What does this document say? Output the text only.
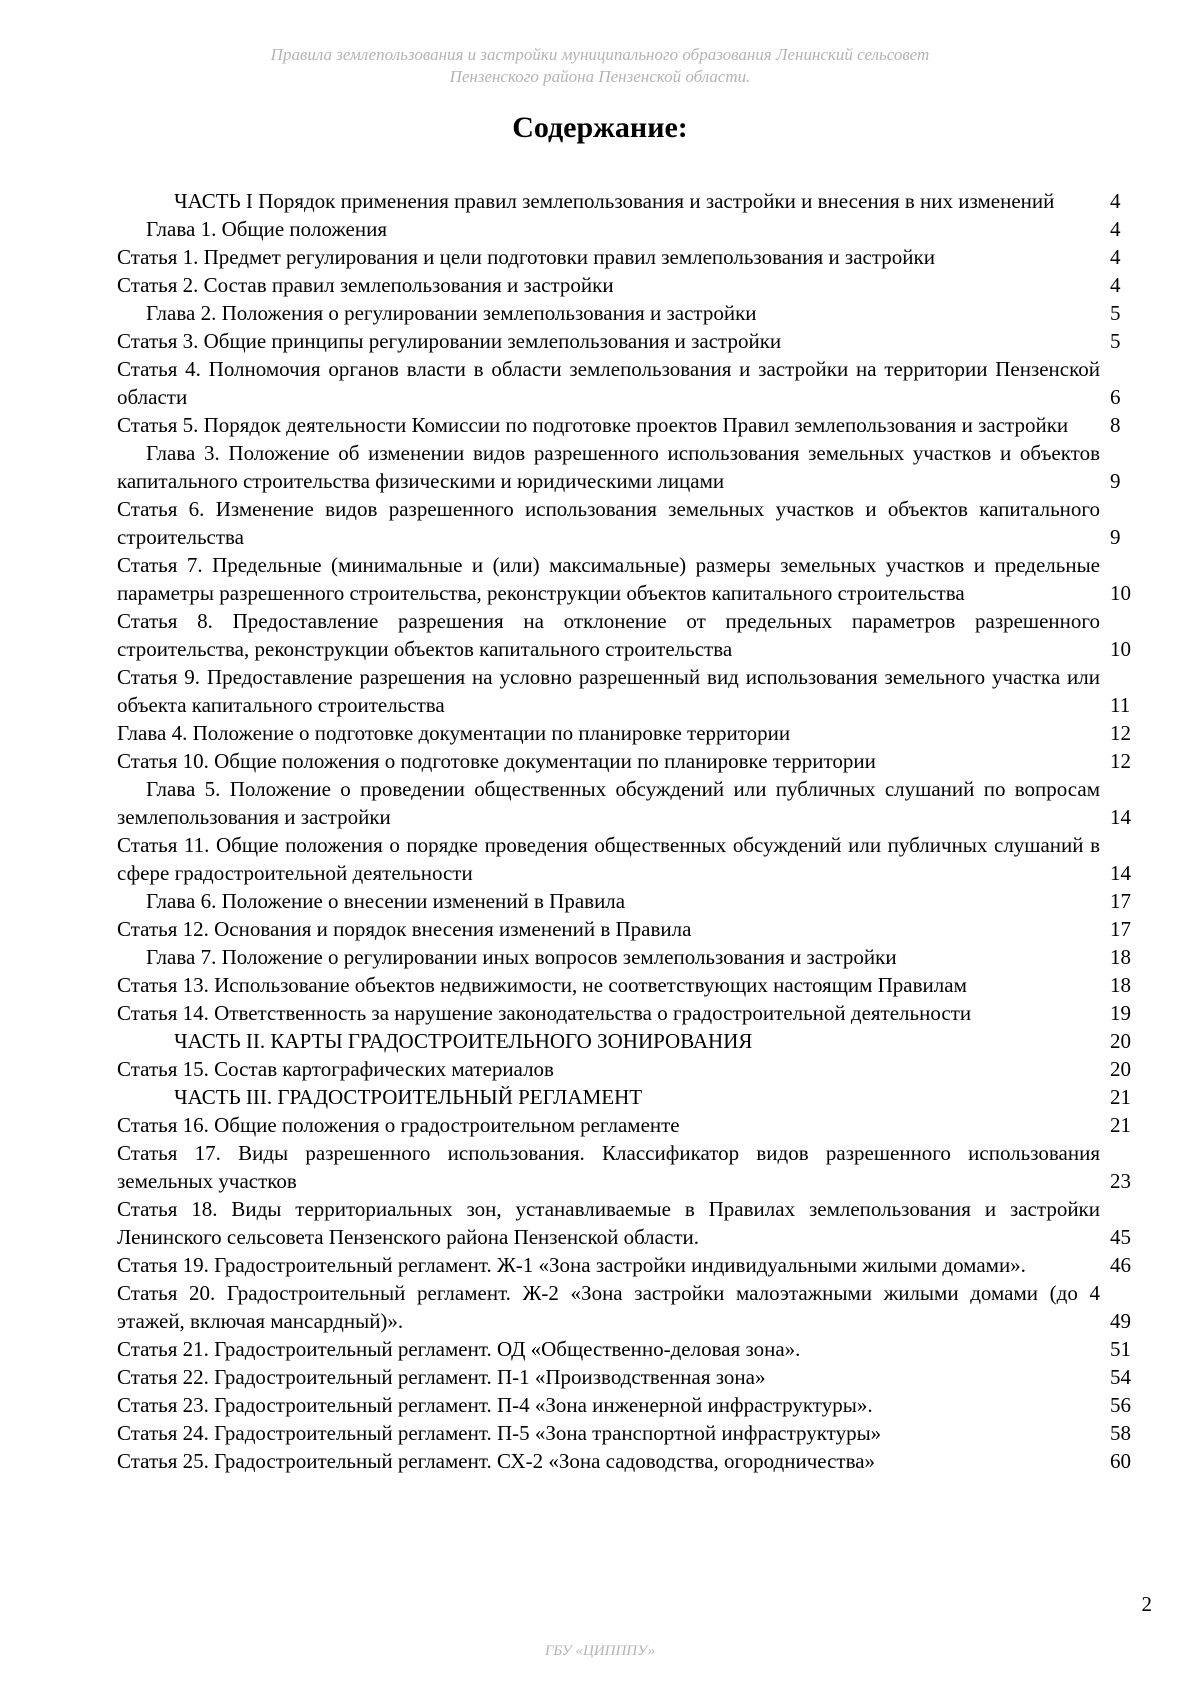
Правила землепользования и застройки муниципального образования Ленинский сельсовет
Пензенского района Пензенской области.
Содержание:
ЧАСТЬ I Порядок применения правил землепользования и застройки и внесения в них изменений	4
Глава 1. Общие положения	4
Статья 1. Предмет регулирования и цели подготовки правил землепользования и застройки	4
Статья 2. Состав правил землепользования и застройки	4
Глава 2. Положения о регулировании землепользования и застройки	5
Статья 3. Общие принципы регулировании землепользования и застройки	5
Статья 4. Полномочия органов власти в области землепользования и застройки на территории Пензенской области	6
Статья 5. Порядок деятельности Комиссии по подготовке проектов Правил землепользования и застройки 8
Глава 3. Положение об изменении видов разрешенного использования земельных участков и объектов капитального строительства физическими и юридическими лицами	9
Статья 6. Изменение видов разрешенного использования земельных участков и объектов капитального строительства	9
Статья 7. Предельные (минимальные и (или) максимальные) размеры земельных участков и предельные параметры разрешенного строительства, реконструкции объектов капитального строительства	10
Статья 8. Предоставление разрешения на отклонение от предельных параметров разрешенного строительства, реконструкции объектов капитального строительства	10
Статья 9. Предоставление разрешения на условно разрешенный вид использования земельного участка или объекта капитального строительства	11
Глава 4. Положение о подготовке документации по планировке территории	12
Статья 10. Общие положения о подготовке документации по планировке территории	12
Глава 5. Положение о проведении общественных обсуждений или публичных слушаний по вопросам землепользования и застройки	14
Статья 11. Общие положения о порядке проведения общественных обсуждений или публичных слушаний в сфере градостроительной деятельности	14
Глава 6. Положение о внесении изменений в Правила	17
Статья 12. Основания и порядок внесения изменений в Правила	17
Глава 7. Положение о регулировании иных вопросов землепользования и застройки	18
Статья 13. Использование объектов недвижимости, не соответствующих настоящим Правилам	18
Статья 14. Ответственность за нарушение законодательства о градостроительной деятельности	19
ЧАСТЬ II. КАРТЫ ГРАДОСТРОИТЕЛЬНОГО ЗОНИРОВАНИЯ	20
Статья 15. Состав картографических материалов	20
ЧАСТЬ III. ГРАДОСТРОИТЕЛЬНЫЙ РЕГЛАМЕНТ	21
Статья 16. Общие положения о градостроительном регламенте	21
Статья 17. Виды разрешенного использования. Классификатор видов разрешенного использования земельных участков	23
Статья 18. Виды территориальных зон, устанавливаемые в Правилах землепользования и застройки Ленинского сельсовета Пензенского района Пензенской области.	45
Статья 19. Градостроительный регламент. Ж-1 «Зона застройки индивидуальными жилыми домами».	46
Статья 20. Градостроительный регламент. Ж-2 «Зона застройки малоэтажными жилыми домами (до 4 этажей, включая мансардный)».	49
Статья 21. Градостроительный регламент. ОД «Общественно-деловая зона».	51
Статья 22. Градостроительный регламент. П-1 «Производственная зона»	54
Статья 23. Градостроительный регламент. П-4 «Зона инженерной инфраструктуры».	56
Статья 24. Градостроительный регламент. П-5 «Зона транспортной инфраструктуры»	58
Статья 25. Градостроительный регламент. СХ-2 «Зона садоводства, огородничества»	60
2
ГБУ «ЦИПППУ»
